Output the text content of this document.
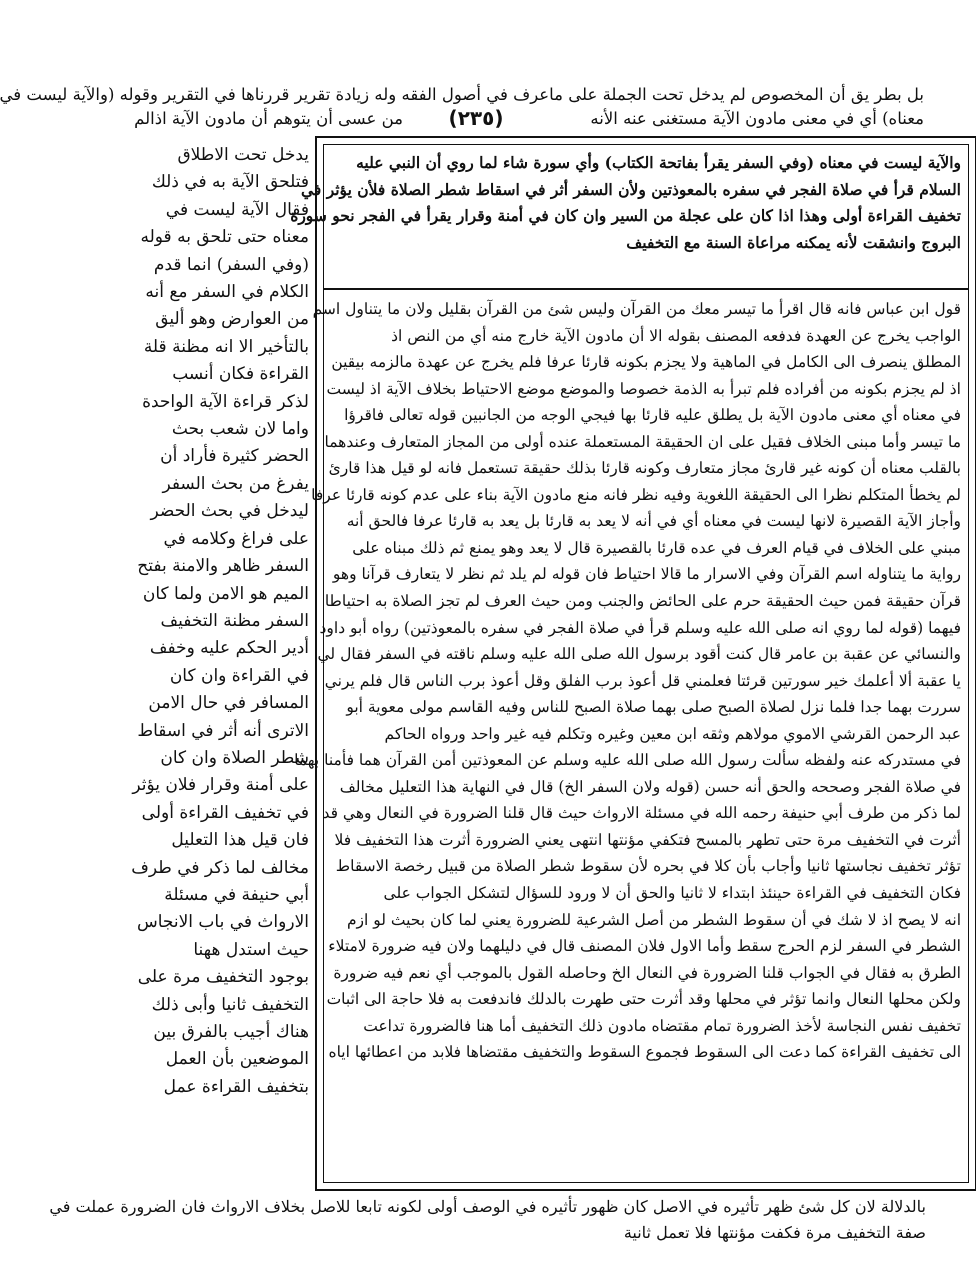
بل بطر يق أن المخصوص لم يدخل تحت الجملة على ماعرف في أصول الفقه وله زيادة تقرير قررناها في التقرير وقوله (والآية ليست في
معناه) أي في معنى مادون الآية مستغنى عنه الأنه
(٢٣٥)
من عسى أن يتوهم أن مادون الآية اذالم
والآية ليست في معناه (وفي السفر يقرأ بفاتحة الكتاب) وأي سورة شاء لما روي أن النبي عليه
السلام قرأ في صلاة الفجر في سفره بالمعوذتين ولأن السفر أثر في اسقاط شطر الصلاة فلأن يؤثر في
تخفيف القراءة أولى وهذا اذا كان على عجلة من السير وان كان في أمنة وقرار يقرأ في الفجر نحو سورة
البروج وانشقت لأنه يمكنه مراعاة السنة مع التخفيف
قول ابن عباس فانه قال اقرأ ما تيسر معك من القرآن وليس شئ من القرآن بقليل ولان ما يتناول اسم
الواجب يخرج عن العهدة فدفعه المصنف بقوله الا أن مادون الآية خارج منه أي من النص اذ
المطلق ينصرف الى الكامل في الماهية ولا يجزم بكونه قارئا عرفا فلم يخرج عن عهدة مالزمه بيقين
اذ لم يجزم بكونه من أفراده فلم تبرأ به الذمة خصوصا والموضع موضع الاحتياط بخلاف الآية اذ ليست
في معناه أي معنى مادون الآية بل يطلق عليه قارئا بها فيجي الوجه من الجانبين قوله تعالى فاقرؤا
ما تيسر وأما مبنى الخلاف فقيل على ان الحقيقة المستعملة عنده أولى من المجاز المتعارف وعندهما
بالقلب معناه أن كونه غير قارئ مجاز متعارف وكونه قارئا بذلك حقيقة تستعمل فانه لو قيل هذا قارئ
لم يخطأ المتكلم نظرا الى الحقيقة اللغوية وفيه نظر فانه منع مادون الآية بناء على عدم كونه قارئا عرفا
وأجاز الآية القصيرة لانها ليست في معناه أي في أنه لا يعد به قارئا بل يعد به قارئا عرفا فالحق أنه
مبني على الخلاف في قيام العرف في عده قارئا بالقصيرة قال لا يعد وهو يمنع ثم ذلك مبناه على
رواية ما يتناوله اسم القرآن وفي الاسرار ما قالا احتياط فان قوله لم يلد ثم نظر لا يتعارف قرآنا وهو
قرآن حقيقة فمن حيث الحقيقة حرم على الحائض والجنب ومن حيث العرف لم تجز الصلاة به احتياطا
فيهما (قوله لما روي انه صلى الله عليه وسلم قرأ في صلاة الفجر في سفره بالمعوذتين) رواه أبو داود
والنسائي عن عقبة بن عامر قال كنت أقود برسول الله صلى الله عليه وسلم ناقته في السفر فقال لي
يا عقبة ألا أعلمك خير سورتين قرئتا فعلمني قل أعوذ برب الفلق وقل أعوذ برب الناس قال فلم يرني
سررت بهما جدا فلما نزل لصلاة الصبح صلى بهما صلاة الصبح للناس وفيه القاسم مولى معوية أبو
عبد الرحمن القرشي الاموي مولاهم وثقه ابن معين وغيره وتكلم فيه غير واحد ورواه الحاكم
في مستدركه عنه ولفظه سألت رسول الله صلى الله عليه وسلم عن المعوذتين أمن القرآن هما فأمنا بهما
في صلاة الفجر وصححه والحق أنه حسن (قوله ولان السفر الخ) قال في النهاية هذا التعليل مخالف
لما ذكر من طرف أبي حنيفة رحمه الله في مسئلة الارواث حيث قال قلنا الضرورة في النعال وهي قد
أثرت في التخفيف مرة حتى تطهر بالمسح فتكفي مؤنتها انتهى يعني الضرورة أثرت هذا التخفيف فلا
تؤثر تخفيف نجاستها ثانيا وأجاب بأن كلا في بحره لأن سقوط شطر الصلاة من قبيل رخصة الاسقاط
فكان التخفيف في القراءة حينئذ ابتداء لا ثانيا والحق أن لا ورود للسؤال لتشكل الجواب على
انه لا يصح اذ لا شك في أن سقوط الشطر من أصل الشرعية للضرورة يعني لما كان بحيث لو ازم
الشطر في السفر لزم الحرج سقط وأما الاول فلان المصنف قال في دليلهما ولان فيه ضرورة لامتلاء
الطرق به فقال في الجواب قلنا الضرورة في النعال الخ وحاصله القول بالموجب أي نعم فيه ضرورة
ولكن محلها النعال وانما تؤثر في محلها وقد أثرت حتى طهرت بالدلك فاندفعت به فلا حاجة الى اثبات
تخفيف نفس النجاسة لأخذ الضرورة تمام مقتضاه مادون ذلك التخفيف أما هنا فالضرورة تداعت
الى تخفيف القراءة كما دعت الى السقوط فجموع السقوط والتخفيف مقتضاها فلابد من اعطائها اياه
يدخل تحت الاطلاق
فتلحق الآية به في ذلك
فقال الآية ليست في
معناه حتى تلحق به قوله
(وفي السفر) انما قدم
الكلام في السفر مع أنه
من العوارض وهو أليق
بالتأخير الا انه مظنة قلة
القراءة فكان أنسب
لذكر قراءة الآية الواحدة
واما لان شعب بحث
الحضر كثيرة فأراد أن
يفرغ من بحث السفر
ليدخل في بحث الحضر
على فراغ وكلامه في
السفر ظاهر والامنة بفتح
الميم هو الامن ولما كان
السفر مظنة التخفيف
أدير الحكم عليه وخفف
في القراءة وان كان
المسافر في حال الامن
الاترى أنه أثر في اسقاط
شطر الصلاة وان كان
على أمنة وقرار فلان يؤثر
في تخفيف القراءة أولى
فان قيل هذا التعليل
مخالف لما ذكر في طرف
أبي حنيفة في مسئلة
الارواث في باب الانجاس
حيث استدل ههنا
بوجود التخفيف مرة على
التخفيف ثانيا وأبى ذلك
هناك أجيب بالفرق بين
الموضعين بأن العمل
بتخفيف القراءة عمل
بالدلالة لان كل شئ ظهر تأثيره في الاصل كان ظهور تأثيره في الوصف أولى لكونه تابعا للاصل بخلاف الارواث فان الضرورة عملت في
صفة التخفيف مرة فكفت مؤنتها فلا تعمل ثانية
